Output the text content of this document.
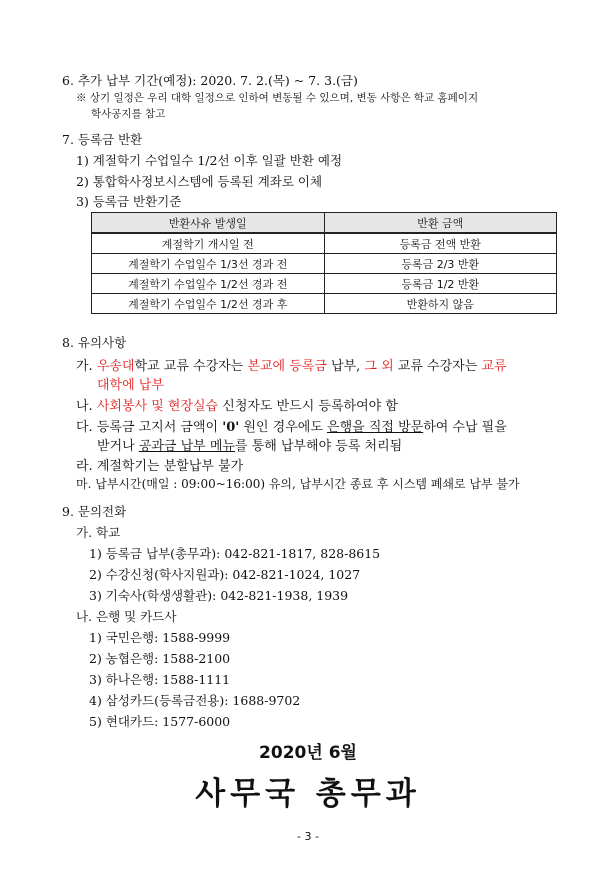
6. 추가 납부 기간(예정): 2020. 7. 2.(목) ~ 7. 3.(금)
※ 상기 일정은 우리 대학 일정으로 인하여 변동될 수 있으며, 변동 사항은 학교 홈페이지
학사공지를 참고
7. 등록금 반환
1) 계절학기 수업일수 1/2선 이후 일괄 반환 예정
2) 통합학사정보시스템에 등록된 계좌로 이체
3) 등록금 반환기준
반환사유 발생일	반환 금액
계절학기 개시일 전	등록금 전액 반환
계절학기 수업일수 1/3선 경과 전	등록금 2/3 반환
계절학기 수업일수 1/2선 경과 전	등록금 1/2 반환
계절학기 수업일수 1/2선 경과 후	반환하지 않음
8. 유의사항
가. 우송대학교 교류 수강자는 본교에 등록금 납부, 그 외 교류 수강자는 교류
대학에 납부
나. 사회봉사 및 현장실습 신청자도 반드시 등록하여야 함
다. 등록금 고지서 금액이 '0' 원인 경우에도 은행을 직접 방문하여 수납 필을
받거나 공과금 납부 메뉴를 통해 납부해야 등록 처리됨
라. 계절학기는 분할납부 불가
마. 납부시간(매일 : 09:00~16:00) 유의, 납부시간 종료 후 시스템 폐쇄로 납부 불가
9. 문의전화
가. 학교
1) 등록금 납부(총무과): 042-821-1817, 828-8615
2) 수강신청(학사지원과): 042-821-1024, 1027
3) 기숙사(학생생활관): 042-821-1938, 1939
나. 은행 및 카드사
1) 국민은행: 1588-9999
2) 농협은행: 1588-2100
3) 하나은행: 1588-1111
4) 삼성카드(등록금전용): 1688-9702
5) 현대카드: 1577-6000
2020년 6월
사무국 총무과
- 3 -
